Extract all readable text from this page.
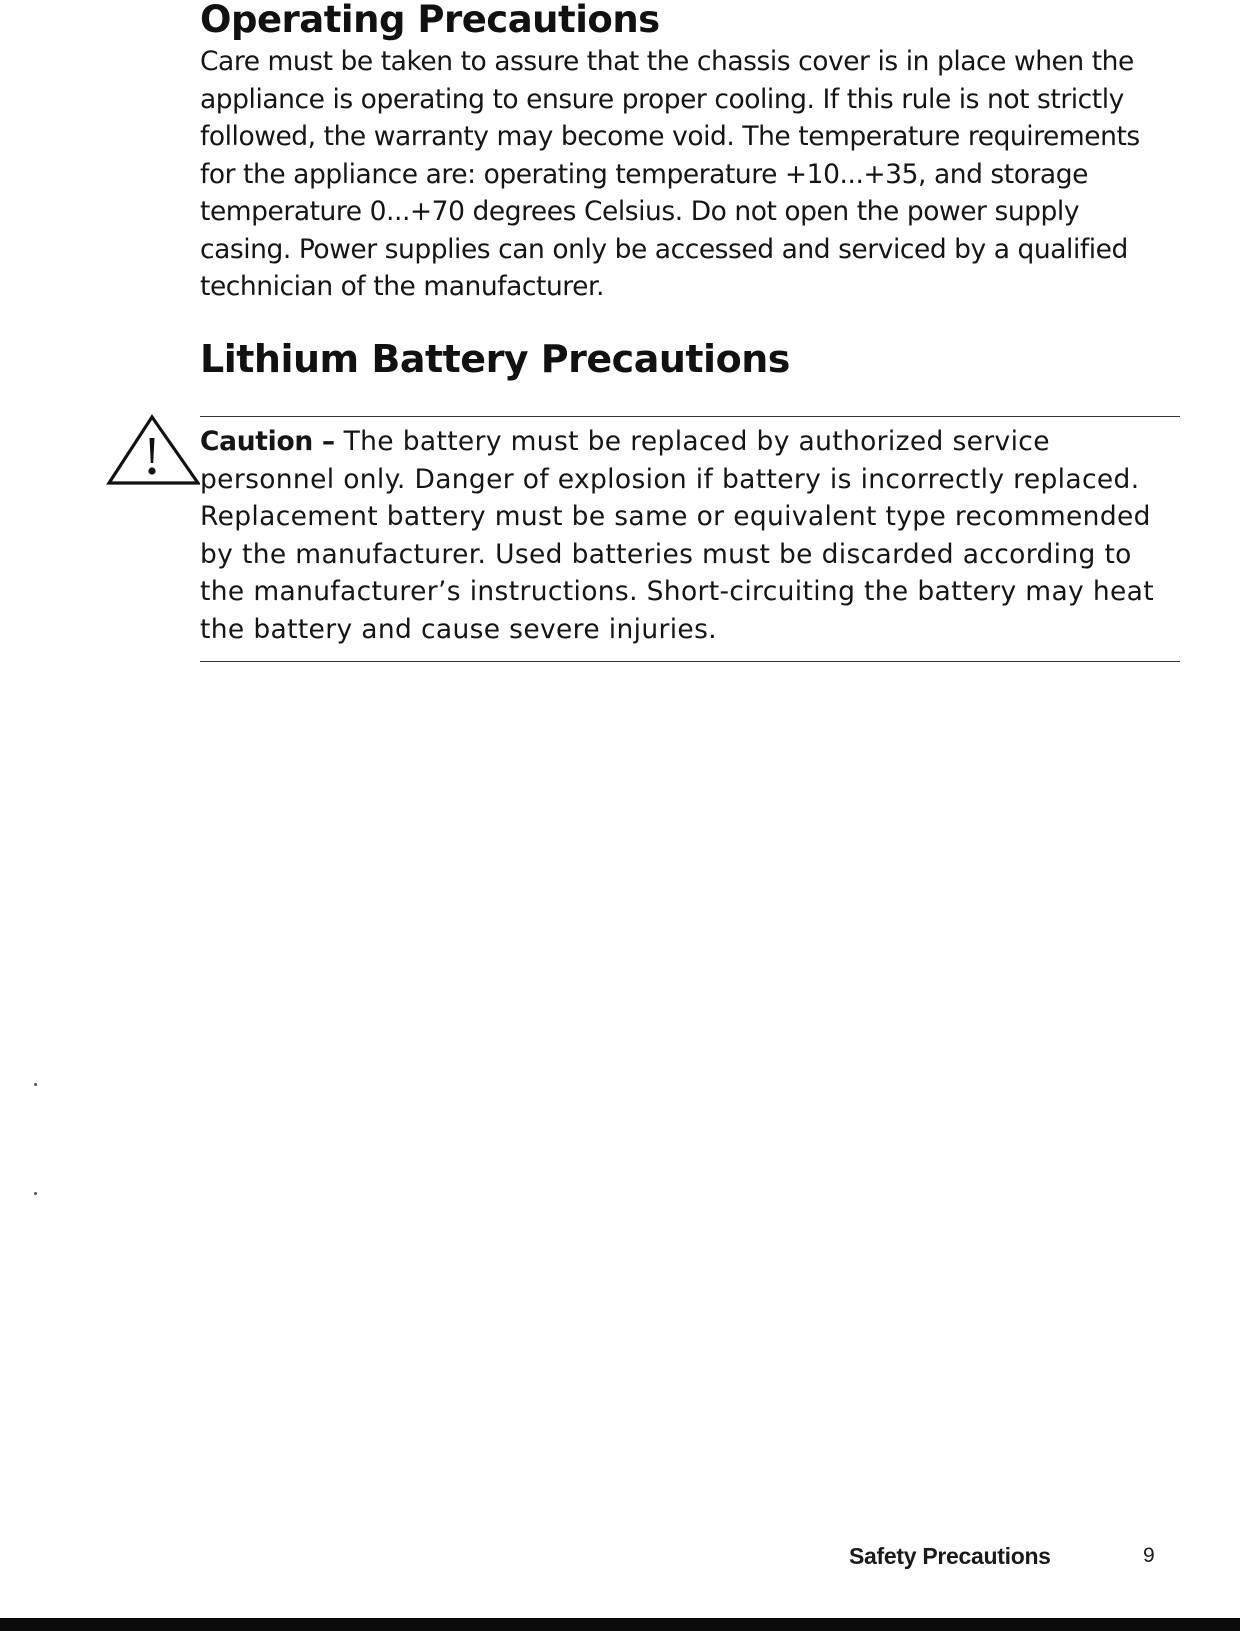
Operating Precautions

Care must be taken to assure that the chassis cover is in place when the appliance is operating to ensure proper cooling. If this rule is not strictly followed, the warranty may become void. The temperature requirements for the appliance are: operating temperature +10...+35, and storage temperature 0...+70 degrees Celsius. Do not open the power supply casing. Power supplies can only be accessed and serviced by a qualified technician of the manufacturer.

Lithium Battery Precautions

Caution – The battery must be replaced by authorized service personnel only. Danger of explosion if battery is incorrectly replaced. Replacement battery must be same or equivalent type recommended by the manufacturer. Used batteries must be discarded according to the manufacturer’s instructions. Short-circuiting the battery may heat the battery and cause severe injuries.

Safety Precautions	9
